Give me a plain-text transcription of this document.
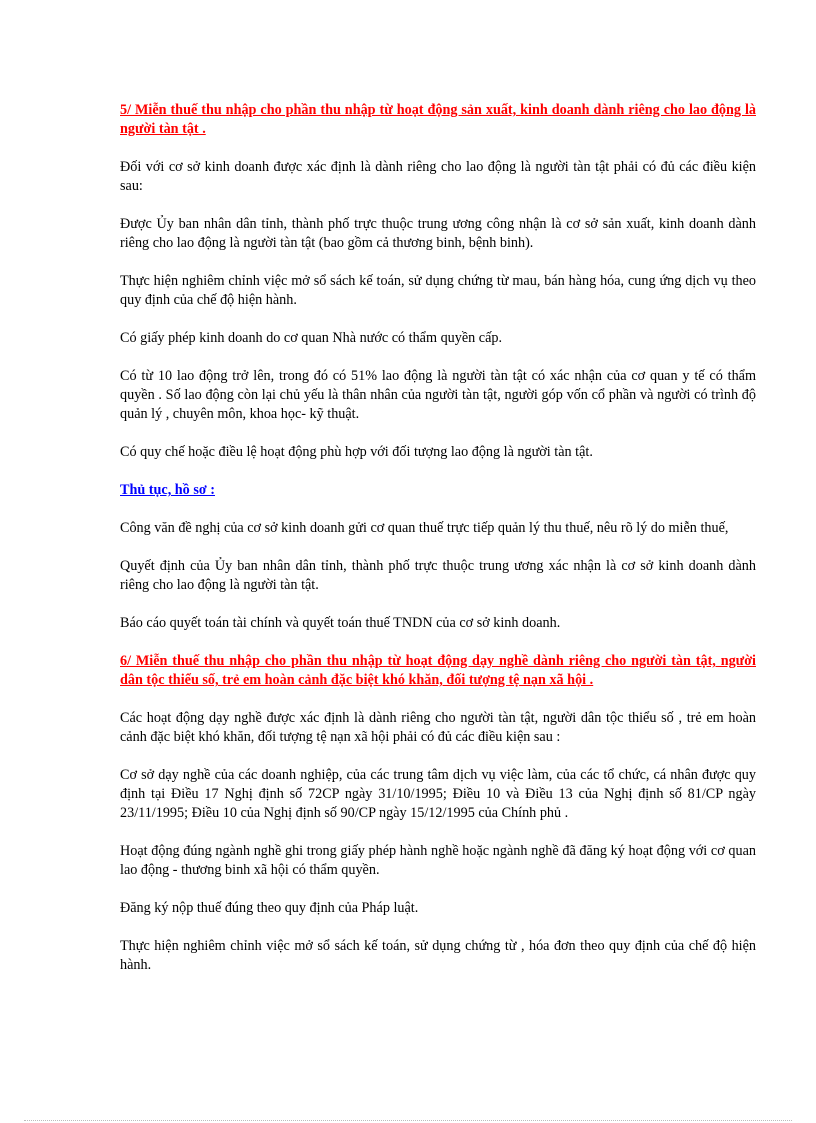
5/ Miễn thuế thu nhập cho phần thu nhập từ hoạt động sản xuất, kinh doanh dành riêng cho lao động là người tàn tật .

Đối với cơ sở kinh doanh được xác định là dành riêng cho lao động là người tàn tật phải có đủ các điều kiện sau:

Được Ủy ban nhân dân tỉnh, thành phố trực thuộc trung ương công nhận là cơ sở sản xuất, kinh doanh dành riêng cho lao động là người tàn tật (bao gồm cả thương binh, bệnh binh).

Thực hiện nghiêm chỉnh việc mở sổ sách kế toán, sử dụng chứng từ mau, bán hàng hóa, cung ứng dịch vụ theo quy định của chế độ hiện hành.

Có giấy phép kinh doanh do cơ quan Nhà nước có thẩm quyền cấp.

Có từ 10 lao động trở lên, trong đó có 51% lao động là người tàn tật có xác nhận của cơ quan y tế có thẩm quyền . Số lao động còn lại chủ yếu là thân nhân của người tàn tật, người góp vốn cổ phần và người có trình độ quản lý , chuyên môn, khoa học- kỹ thuật.

Có quy chế hoặc điều lệ hoạt động phù hợp với đối tượng lao động là người tàn tật.

Thủ tục, hồ sơ :

Công văn đề nghị của cơ sở kinh doanh gửi cơ quan thuế trực tiếp quản lý thu thuế, nêu rõ lý do miễn thuế,

Quyết định của Ủy ban nhân dân tỉnh, thành phố trực thuộc trung ương xác nhận là cơ sở kinh doanh dành riêng cho lao động là người tàn tật.

Báo cáo quyết toán tài chính và quyết toán thuế TNDN của cơ sở kinh doanh.

6/ Miễn thuế thu nhập cho phần thu nhập từ hoạt động dạy nghề dành riêng cho người tàn tật, người dân tộc thiểu số, trẻ em hoàn cảnh đặc biệt khó khăn, đối tượng tệ nạn xã hội .

Các hoạt động dạy nghề được xác định là dành riêng cho người tàn tật, người dân tộc thiểu số , trẻ em hoàn cảnh đặc biệt khó khăn, đối tượng tệ nạn xã hội phải có đủ các điều kiện sau :

Cơ sở dạy nghề của các doanh nghiệp, của các trung tâm dịch vụ việc làm, của các tổ chức, cá nhân được quy định tại Điều 17 Nghị định số 72CP ngày 31/10/1995; Điều 10 và Điều 13 của Nghị định số 81/CP ngày 23/11/1995; Điều 10 của Nghị định số 90/CP ngày 15/12/1995 của Chính phủ .

Hoạt động đúng ngành nghề ghi trong giấy phép hành nghề hoặc ngành nghề đã đăng ký hoạt động với cơ quan lao động - thương binh xã hội có thẩm quyền.

Đăng ký nộp thuế đúng theo quy định của Pháp luật.

Thực hiện nghiêm chỉnh việc mở sổ sách kế toán, sử dụng chứng từ , hóa đơn theo quy định của chế độ hiện hành.
